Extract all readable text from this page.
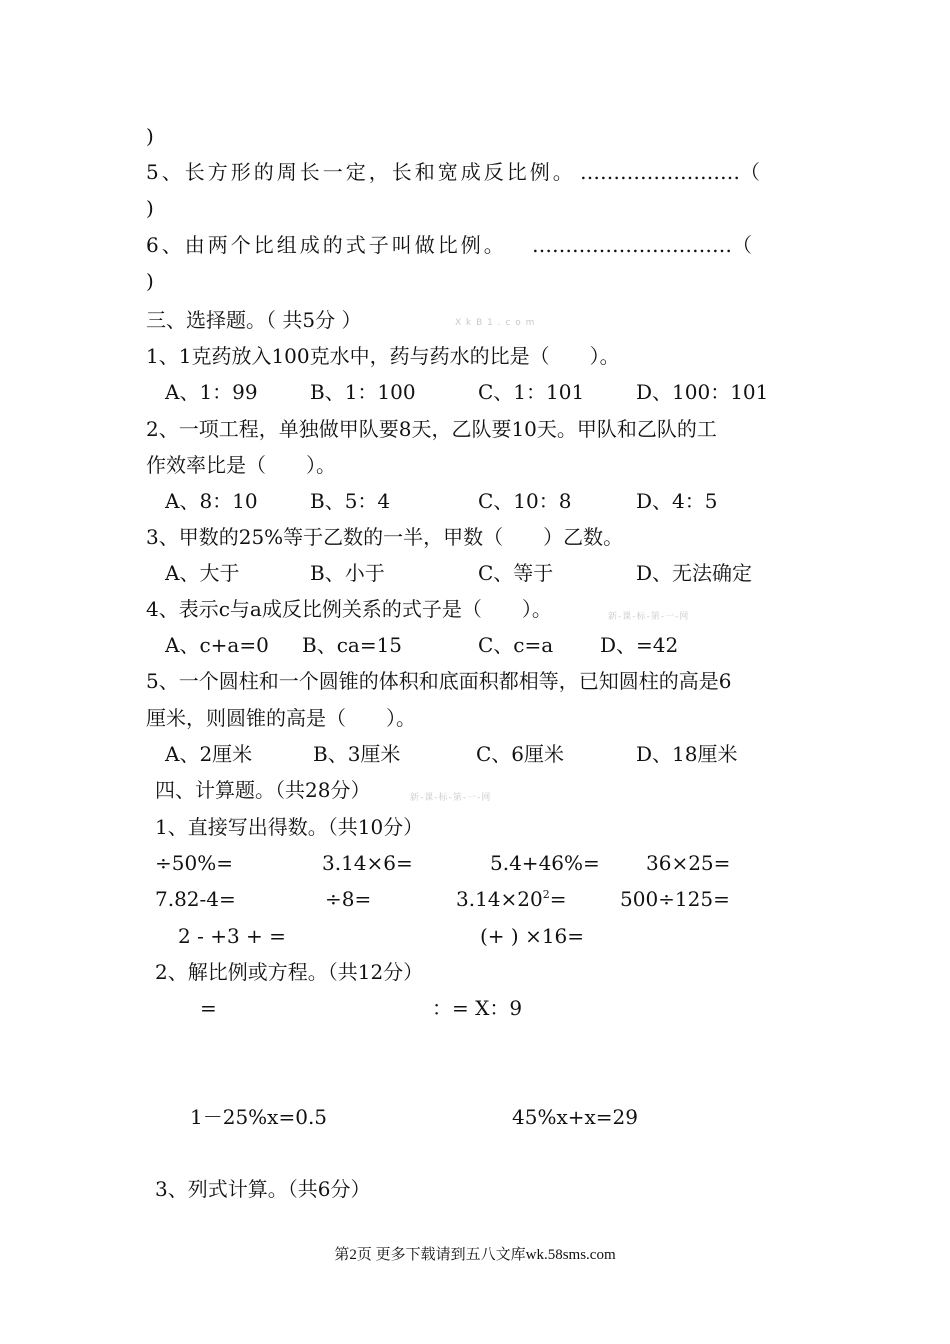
)
5、长方形的周长一定，长和宽成反比例。 ……………………（
)
6、由两个比组成的式子叫做比例。 …………………………（
)
三、选择题。（ 共5分 ）	X k B 1 . c o m
1、1克药放入100克水中，药与药水的比是（　　）。
A、1：99	B、1：100	C、1：101	D、100：101
2、一项工程，单独做甲队要8天，乙队要10天。甲队和乙队的工
作效率比是（　　）。
A、8：10	B、5：4	C、10：8	D、4：5
3、甲数的25%等于乙数的一半，甲数（　　）乙数。
A、大于	B、小于	C、等于	D、无法确定
4、表示c与a成反比例关系的式子是（　　）。	新-课-标-第-一-网
A、c+a=0 B、ca=15	C、c=a D、=42
5、一个圆柱和一个圆锥的体积和底面积都相等，已知圆柱的高是6
厘米，则圆锥的高是（　　）。
A、2厘米	B、3厘米	C、6厘米	D、18厘米
四、计算题。（共28分）	新-课-标-第-一-网
1、直接写出得数。（共10分）
÷50%=	3.14×6=	5.4+46%= 36×25=
7.82-4=	÷8=	$3.14\times 20^2=$	500÷125=
2 - +3 + =	(+ ) ×16=
2、解比例或方程。（共12分）
=	：= X：9
1－25%x=0.5	45%x+x=29
3、列式计算。（共6分）
第2页 更多下载请到五八文库wk.58sms.com
